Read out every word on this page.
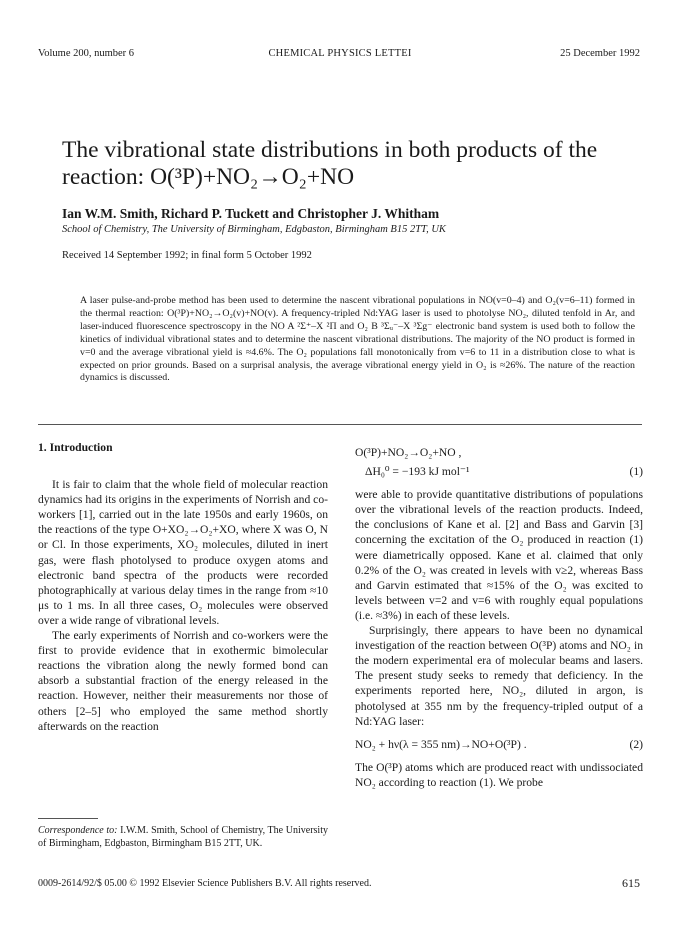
Volume 200, number 6	CHEMICAL PHYSICS LETTEI	25 December 1992
The vibrational state distributions in both products of the reaction: O(³P)+NO₂→O₂+NO
Ian W.M. Smith, Richard P. Tuckett and Christopher J. Whitham
School of Chemistry, The University of Birmingham, Edgbaston, Birmingham B15 2TT, UK
Received 14 September 1992; in final form 5 October 1992

A laser pulse-and-probe method has been used to determine the nascent vibrational populations in NO(v=0–4) and O₂(v=6–11) formed in the thermal reaction: O(³P)+NO₂→O₂(v)+NO(v). A frequency-tripled Nd:YAG laser is used to photolyse NO₂, diluted tenfold in Ar, and laser-induced fluorescence spectroscopy in the NO A ²Σ⁺–X ²Π and O₂ B ³Σᵤ⁻–X ³Σg⁻ electronic band system is used both to follow the kinetics of individual vibrational states and to determine the nascent vibrational distributions. The majority of the NO product is formed in v=0 and the average vibrational yield is ≈4.6%. The O₂ populations fall monotonically from v=6 to 11 in a distribution close to what is expected on prior grounds. Based on a surprisal analysis, the average vibrational energy yield in O₂ is ≈26%. The nature of the reaction dynamics is discussed.

1. Introduction

It is fair to claim that the whole field of molecular reaction dynamics had its origins in the experiments of Norrish and co-workers [1], carried out in the late 1950s and early 1960s, on the reactions of the type O+XO₂→O₂+XO, where X was O, N or Cl. In those experiments, XO₂ molecules, diluted in inert gas, were flash photolysed to produce oxygen atoms and electronic band spectra of the products were recorded photographically at various delay times in the range from ≈10 μs to 1 ms. In all three cases, O₂ molecules were observed over a wide range of vibrational levels.

The early experiments of Norrish and co-workers were the first to provide evidence that in exothermic bimolecular reactions the vibration along the newly formed bond can absorb a substantial fraction of the energy released in the reaction. However, neither their measurements nor those of others [2–5] who employed the same method shortly afterwards on the reaction

O(³P)+NO₂→O₂+NO ,
ΔH₀⁰ = −193 kJ mol⁻¹	(1)

were able to provide quantitative distributions of populations over the vibrational levels of the reaction products. Indeed, the conclusions of Kane et al. [2] and Bass and Garvin [3] concerning the excitation of the O₂ produced in reaction (1) were diametrically opposed. Kane et al. claimed that only 0.2% of the O₂ was created in levels with v≥2, whereas Bass and Garvin estimated that ≈15% of the O₂ was excited to levels between v=2 and v=6 with roughly equal populations (i.e. ≈3%) in each of these levels.

Surprisingly, there appears to have been no dynamical investigation of the reaction between O(³P) atoms and NO₂ in the modern experimental era of molecular beams and lasers. The present study seeks to remedy that deficiency. In the experiments reported here, NO₂, diluted in argon, is photolysed at 355 nm by the frequency-tripled output of a Nd:YAG laser:

NO₂ + hν(λ = 355 nm)→NO+O(³P) .	(2)

The O(³P) atoms which are produced react with undissociated NO₂ according to reaction (1). We probe

Correspondence to: I.W.M. Smith, School of Chemistry, The University of Birmingham, Edgbaston, Birmingham B15 2TT, UK.

0009-2614/92/$ 05.00 © 1992 Elsevier Science Publishers B.V. All rights reserved.	615
